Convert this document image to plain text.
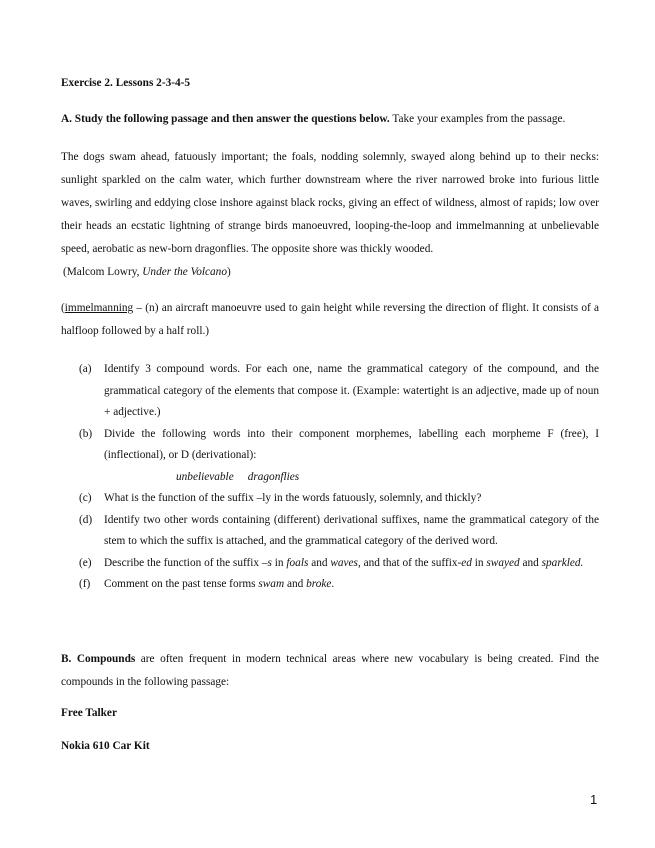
Exercise 2. Lessons 2-3-4-5
A. Study the following passage and then answer the questions below. Take your examples from the passage.
The dogs swam ahead, fatuously important; the foals, nodding solemnly, swayed along behind up to their necks: sunlight sparkled on the calm water, which further downstream where the river narrowed broke into furious little waves, swirling and eddying close inshore against black rocks, giving an effect of wildness, almost of rapids; low over their heads an ecstatic lightning of strange birds manoeuvred, looping-the-loop and immelmanning at unbelievable speed, aerobatic as new-born dragonflies. The opposite shore was thickly wooded.
(Malcom Lowry, Under the Volcano)
(immelmanning – (n) an aircraft manoeuvre used to gain height while reversing the direction of flight. It consists of a halfloop followed by a half roll.)
(a)	Identify 3 compound words. For each one, name the grammatical category of the compound, and the grammatical category of the elements that compose it. (Example: watertight is an adjective, made up of noun + adjective.)
(b)	Divide the following words into their component morphemes, labelling each morpheme F (free), I (inflectional), or D (derivational):
unbelievable dragonflies
(c)	What is the function of the suffix –ly in the words fatuously, solemnly, and thickly?
(d)	Identify two other words containing (different) derivational suffixes, name the grammatical category of the stem to which the suffix is attached, and the grammatical category of the derived word.
(e)	Describe the function of the suffix –s in foals and waves, and that of the suffix-ed in swayed and sparkled.
(f)	Comment on the past tense forms swam and broke.
B. Compounds are often frequent in modern technical areas where new vocabulary is being created. Find the compounds in the following passage:
Free Talker
Nokia 610 Car Kit
1
